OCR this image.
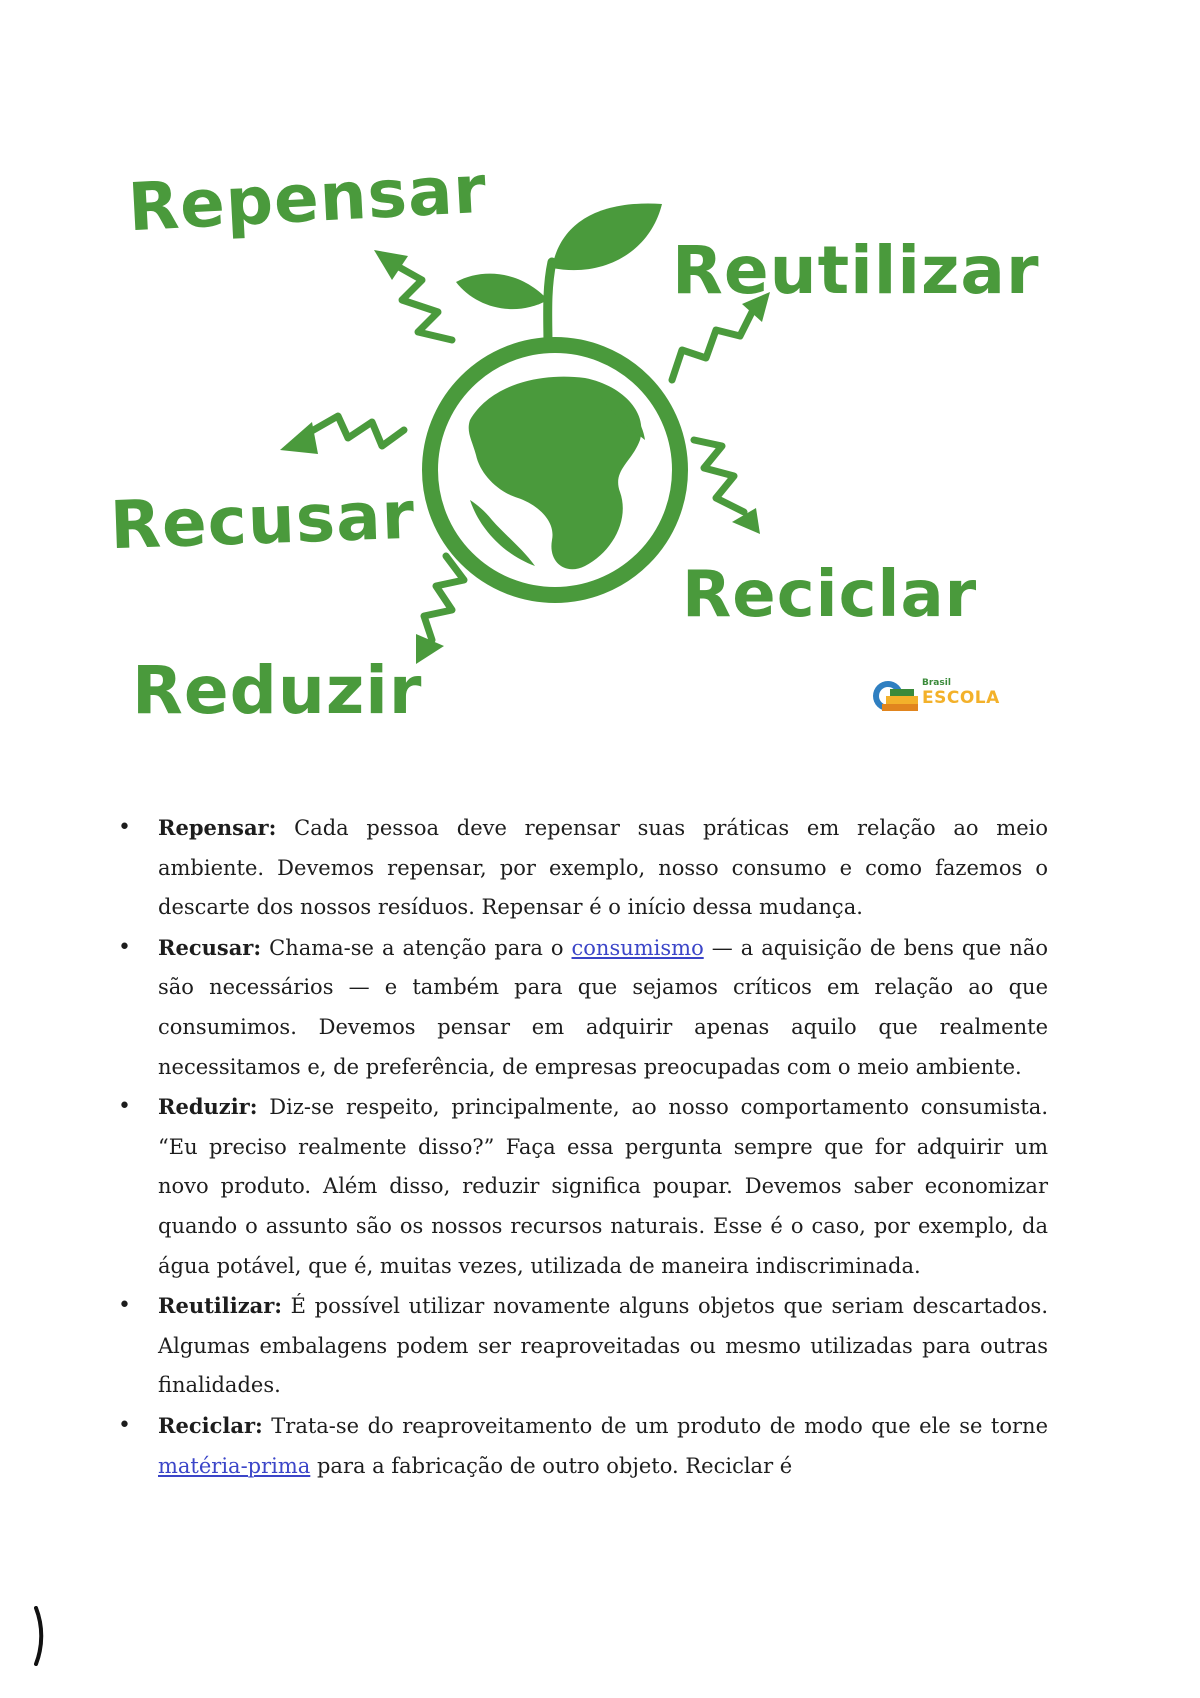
Repensar
Reutilizar
Recusar
Reciclar
Reduzir	Brasil
ESCOLA

• Repensar: Cada pessoa deve repensar suas práticas em relação ao meio ambiente. Devemos repensar, por exemplo, nosso consumo e como fazemos o descarte dos nossos resíduos. Repensar é o início dessa mudança.

• Recusar: Chama-se a atenção para o consumismo — a aquisição de bens que não são necessários — e também para que sejamos críticos em relação ao que consumimos. Devemos pensar em adquirir apenas aquilo que realmente necessitamos e, de preferência, de empresas preocupadas com o meio ambiente.

• Reduzir: Diz-se respeito, principalmente, ao nosso comportamento consumista. “Eu preciso realmente disso?” Faça essa pergunta sempre que for adquirir um novo produto. Além disso, reduzir significa poupar. Devemos saber economizar quando o assunto são os nossos recursos naturais. Esse é o caso, por exemplo, da água potável, que é, muitas vezes, utilizada de maneira indiscriminada.

• Reutilizar: É possível utilizar novamente alguns objetos que seriam descartados. Algumas embalagens podem ser reaproveitadas ou mesmo utilizadas para outras finalidades.

• Reciclar: Trata-se do reaproveitamento de um produto de modo que ele se torne matéria-prima para a fabricação de outro objeto. Reciclar é
